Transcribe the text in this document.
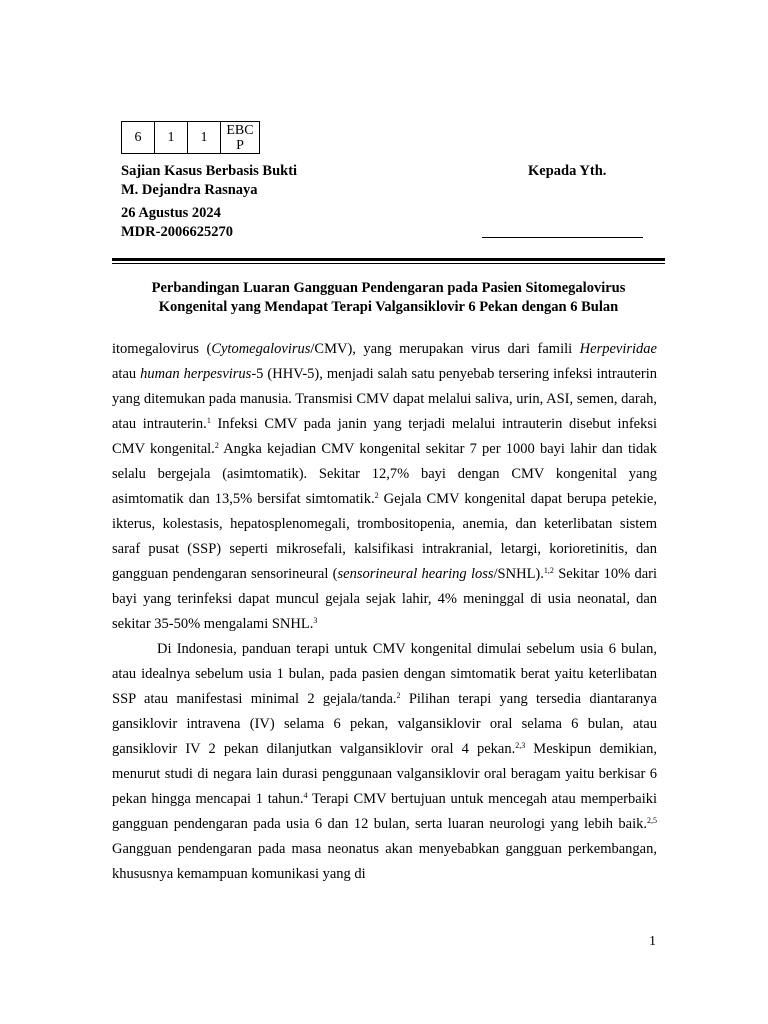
6	1	1	EBC
P
Sajian Kasus Berbasis Bukti
M. Dejandra Rasnaya
26 Agustus 2024
MDR-2006625270
Kepada Yth.
Perbandingan Luaran Gangguan Pendengaran pada Pasien Sitomegalovirus
Kongenital yang Mendapat Terapi Valgansiklovir 6 Pekan dengan 6 Bulan

itomegalovirus (Cytomegalovirus/CMV), yang merupakan virus dari famili Herpeviridae atau human herpesvirus-5 (HHV-5), menjadi salah satu penyebab tersering infeksi intrauterin yang ditemukan pada manusia. Transmisi CMV dapat melalui saliva, urin, ASI, semen, darah, atau intrauterin.$^1$ Infeksi CMV pada janin yang terjadi melalui intrauterin disebut infeksi CMV kongenital.$^2$ Angka kejadian CMV kongenital sekitar 7 per 1000 bayi lahir dan tidak selalu bergejala (asimtomatik). Sekitar 12,7% bayi dengan CMV kongenital yang asimtomatik dan 13,5% bersifat simtomatik.$^2$ Gejala CMV kongenital dapat berupa petekie, ikterus, kolestasis, hepatosplenomegali, trombositopenia, anemia, dan keterlibatan sistem saraf pusat (SSP) seperti mikrosefali, kalsifikasi intrakranial, letargi, korioretinitis, dan gangguan pendengaran sensorineural (sensorineural hearing loss/SNHL).$^{1,2}$ Sekitar 10% dari bayi yang terinfeksi dapat muncul gejala sejak lahir, 4% meninggal di usia neonatal, dan sekitar 35-50% mengalami SNHL.$^3$

Di Indonesia, panduan terapi untuk CMV kongenital dimulai sebelum usia 6 bulan, atau idealnya sebelum usia 1 bulan, pada pasien dengan simtomatik berat yaitu keterlibatan SSP atau manifestasi minimal 2 gejala/tanda.$^2$ Pilihan terapi yang tersedia diantaranya gansiklovir intravena (IV) selama 6 pekan, valgansiklovir oral selama 6 bulan, atau gansiklovir IV 2 pekan dilanjutkan valgansiklovir oral 4 pekan.$^{2,3}$ Meskipun demikian, menurut studi di negara lain durasi penggunaan valgansiklovir oral beragam yaitu berkisar 6 pekan hingga mencapai 1 tahun.$^4$ Terapi CMV bertujuan untuk mencegah atau memperbaiki gangguan pendengaran pada usia 6 dan 12 bulan, serta luaran neurologi yang lebih baik.$^{2,5}$ Gangguan pendengaran pada masa neonatus akan menyebabkan gangguan perkembangan, khususnya kemampuan komunikasi yang di

1
